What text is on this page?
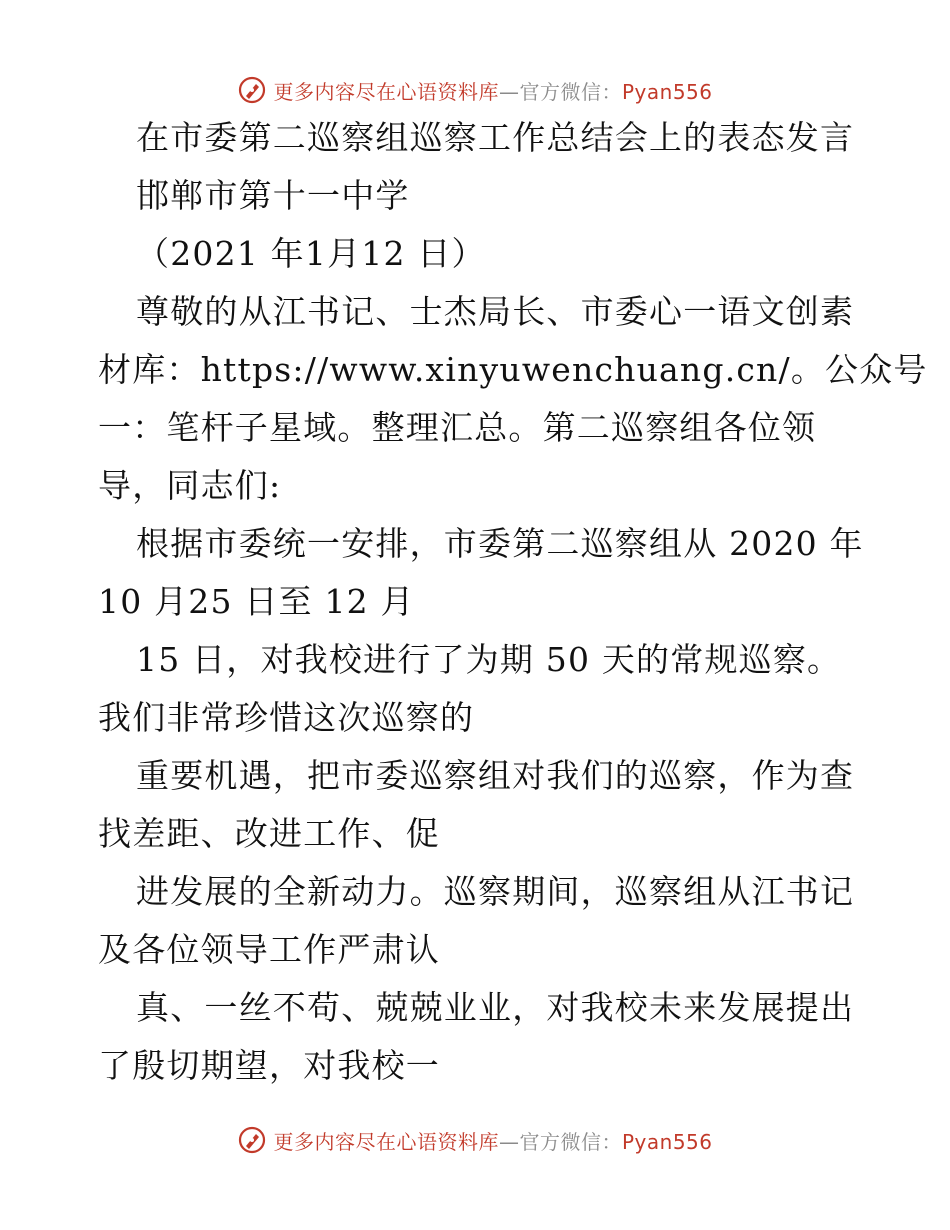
更多内容尽在心语资料库—官方微信：Pyan556
在市委第二巡察组巡察工作总结会上的表态发言
邯郸市第十一中学
（2021 年1月12 日）
尊敬的从江书记、士杰局长、市委心一语文创素
材库：https://www.xinyuwenchuang.cn/。公众号
一：笔杆子星域。整理汇总。第二巡察组各位领
导，同志们:
根据市委统一安排，市委第二巡察组从 2020 年
10 月25 日至 12 月
15 日，对我校进行了为期 50 天的常规巡察。
我们非常珍惜这次巡察的
重要机遇，把市委巡察组对我们的巡察，作为查
找差距、改进工作、促
进发展的全新动力。巡察期间，巡察组从江书记
及各位领导工作严肃认
真、一丝不苟、兢兢业业，对我校未来发展提出
了殷切期望，对我校一
更多内容尽在心语资料库—官方微信：Pyan556
